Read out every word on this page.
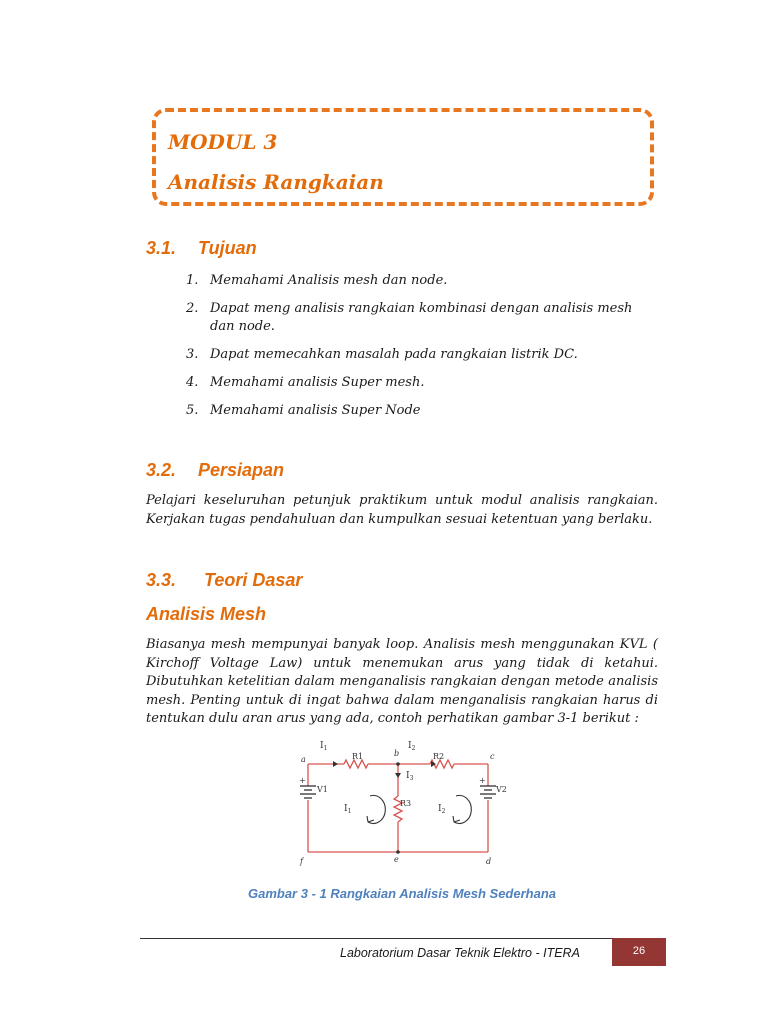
MODUL 3

Analisis Rangkaian

3.1. Tujuan
1. Memahami Analisis mesh dan node.
2. Dapat meng analisis rangkaian kombinasi dengan analisis mesh dan node.
3. Dapat memecahkan masalah pada rangkaian listrik DC.
4. Memahami analisis Super mesh.
5. Memahami analisis Super Node
3.2. Persiapan

Pelajari keseluruhan petunjuk praktikum untuk modul analisis rangkaian. Kerjakan tugas pendahuluan dan kumpulkan sesuai ketentuan yang berlaku.

3.3. Teori Dasar
Analisis Mesh

Biasanya mesh mempunyai banyak loop. Analisis mesh menggunakan KVL ( Kirchoff Voltage Law) untuk menemukan arus yang tidak di ketahui. Dibutuhkan ketelitian dalam menganalisis rangkaian dengan metode analisis mesh. Penting untuk di ingat bahwa dalam menganalisis rangkaian harus di tentukan dulu aran arus yang ada, contoh perhatikan gambar 3-1 berikut :

$I_1$	$I_2$
$I_3$
$I_1$	$I_2$
R1	R2
R3
V1	V2
+	+
a
b	c
d
e
f

Gambar 3 - 1 Rangkaian Analisis Mesh Sederhana

Laboratorium Dasar Teknik Elektro - ITERA	26
